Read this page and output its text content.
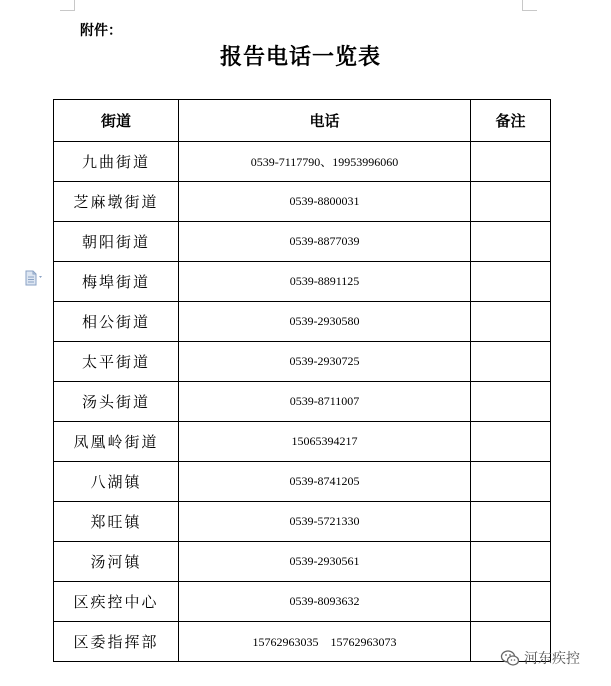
附件：
报告电话一览表
街道	电话	备注
九曲街道	0539-7117790、19953996060	
芝麻墩街道	0539-8800031	
朝阳街道	0539-8877039	
梅埠街道	0539-8891125	
相公街道	0539-2930580	
太平街道	0539-2930725	
汤头街道	0539-8711007	
凤凰岭街道	15065394217	
八湖镇	0539-8741205	
郑旺镇	0539-5721330	
汤河镇	0539-2930561	
区疾控中心	0539-8093632	
区委指挥部	15762963035　15762963073	
河东疾控
